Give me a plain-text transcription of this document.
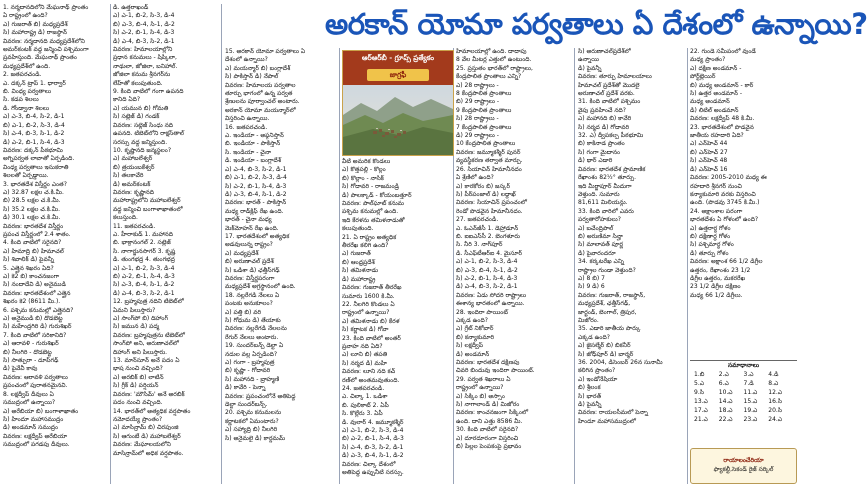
అరకాన్ యోమా పర్వతాలు ఏ దేశంలో ఉన్నాయి?
1. నర్మదానదిలోని మేఘనాథ్ ప్రాంతం
ఏ రాష్ట్రంలో ఉంది?
ఎ) గుజరాత్ బి) మధ్యప్రదేశ్
సి) మహారాష్ట్ర డి) రాజస్థాన్
వివరణ: నర్మదానది మధ్యప్రదేశ్‌లోని
అమర్‌కంటక్ వద్ద జన్మించి పశ్చిమంగా
ప్రవహిస్తుంది. మేఘనాథ్ ప్రాంతం
మధ్యప్రదేశ్‌లో ఉంది.
2. జతపరచండి.
ఎ. దక్కన్ ట్రాప్ 1. ధార్వార్
బి. వింధ్య పర్వతాలు
సి. కడప శిలలు
డి. గోండ్వానా శిలలు
ఎ) ఎ-3, బి-4, సి-2, డి-1
బి) ఎ-1, బి-2, సి-3, డి-4
సి) ఎ-4, బి-3, సి-1, డి-2
డి) ఎ-2, బి-1, సి-4, డి-3
వివరణ: దక్కన్ పీఠభూమి
అగ్నిపర్వత లావాతో ఏర్పడింది.
వింధ్య పర్వతాలు ఇసుకరాతి
శిలలతో ఏర్పడ్డాయి.
3. భారతదేశ విస్తీర్ణం ఎంత?
ఎ) 32.87 లక్షల చ.కి.మీ.
బి) 28.5 లక్షల చ.కి.మీ.
సి) 35.2 లక్షల చ.కి.మీ.
డి) 30.1 లక్షల చ.కి.మీ.
వివరణ: భారతదేశ విస్తీర్ణం
ప్రపంచ విస్తీర్ణంలో 2.4 శాతం.
4. కింది వాటిలో సరైనది?
ఎ) హిమాద్రి బి) హిమాచల్
సి) శివాలిక్ డి) పైవన్నీ
5. ఎత్తైన శిఖరం ఏది?
ఎ) కె2 బి) కాంచనజంగా
సి) నందాదేవి డి) అనైముడి
వివరణ: భారతదేశంలో ఎత్తైన
శిఖరం కె2 (8611 మీ.).
6. పశ్చిమ కనుమల్లో ఎత్తైనది?
ఎ) అనైముడి బి) దొడబెట్ట
సి) మహేంద్రగిరి డి) గురుశిఖర్
7. కింది వాటిలో సరికానిది?
ఎ) ఆరావళి - గురుశిఖర్
బి) నీలగిరి - దొడబెట్ట
సి) సాత్పురా - దూప్‌గఢ్
డి) పైవేవీ కావు
వివరణ: ఆరావళి పర్వతాలు
ప్రపంచంలో పురాతనమైనవి.
8. లక్షద్వీప్ దీవులు ఏ
సముద్రంలో ఉన్నాయి?
ఎ) అరేబియా బి) బంగాళాఖాతం
సి) హిందూ మహాసముద్రం
డి) అండమాన్ సముద్రం
వివరణ: లక్షద్వీప్ అరేబియా
సముద్రంలో పగడపు దీవులు.
డి. ఉత్తరాఖండ్
ఎ) ఎ-1, బి-2, సి-3, డి-4
బి) ఎ-3, బి-4, సి-1, డి-2
సి) ఎ-2, బి-1, సి-4, డి-3
డి) ఎ-4, బి-3, సి-2, డి-1
వివరణ: హిమాలయాల్లోని
ప్రధాన కనుమలు - షిప్కిలా,
నాథులా, జోజిలా, బనిహాల్.
జోజిలా కనుమ శ్రీనగర్‌ను
లేహ్‌తో కలుపుతుంది.
9. కింది వాటిలో గంగా ఉపనది
కానిది ఏది?
ఎ) యమున బి) గోమతి
సి) సట్లెజ్ డి) గండక్
వివరణ: సట్లెజ్ సింధు నది
ఉపనది. టిబెట్‌లోని రాక్షస్‌తాల్
సరస్సు వద్ద జన్మిస్తుంది.
10. కృష్ణానది జన్మస్థలం?
ఎ) మహాబలేశ్వర్
బి) త్రయంబకేశ్వర్
సి) తలకావేరి
డి) అమర్‌కంటక్
వివరణ: కృష్ణానది
మహారాష్ట్రలోని మహాబలేశ్వర్
వద్ద జన్మించి బంగాళాఖాతంలో
కలుస్తుంది.
11. జతపరచండి.
ఎ. హీరాకుడ్ 1. మహానది
బి. భాక్రానంగల్ 2. సట్లెజ్
సి. నాగార్జునసాగర్ 3. కృష్ణ
డి. తుంగభద్ర 4. తుంగభద్ర
ఎ) ఎ-1, బి-2, సి-3, డి-4
బి) ఎ-2, బి-1, సి-4, డి-3
సి) ఎ-3, బి-4, సి-1, డి-2
డి) ఎ-4, బి-3, సి-2, డి-1
12. బ్రహ్మపుత్ర నదిని టిబెట్‌లో
ఏమని పిలుస్తారు?
ఎ) సాంగ్‌పో బి) దిహాంగ్
సి) జమున డి) పద్మ
వివరణ: బ్రహ్మపుత్రను టిబెట్‌లో
సాంగ్‌పో అని, అరుణాచల్‌లో
దిహాంగ్ అని పిలుస్తారు.
13. మాన్‌సూన్ అనే పదం ఏ
భాష నుంచి వచ్చింది?
ఎ) అరబిక్ బి) లాటిన్
సి) గ్రీక్ డి) పర్షియన్
వివరణ: 'మౌసిమ్' అనే అరబిక్
పదం నుంచి వచ్చింది.
14. భారత్‌లో అత్యధిక వర్షపాతం
నమోదయ్యే ప్రాంతం?
ఎ) మాసిన్రామ్ బి) చిరపుంజి
సి) ఆగుంబే డి) మహాబలేశ్వర్
వివరణ: మేఘాలయలోని
మాసిన్రామ్‌లో అధిక వర్షపాతం.
15. అరకాన్ యోమా పర్వతాలు ఏ
దేశంలో ఉన్నాయి?
ఎ) మయన్మార్ బి) బంగ్లాదేశ్
సి) పాకిస్తాన్ డి) నేపాల్
వివరణ: హిమాలయ పర్వతాల
తూర్పు భాగంలో ఉన్న పర్వత
శ్రేణులను పూర్వాంచల్ అంటారు.
అరకాన్ యోమా మయన్మార్‌లో
విస్తరించి ఉన్నాయి.
16. జతపరచండి.
ఎ. ఇండియా - అఫ్గనిస్తాన్
బి. ఇండియా - పాకిస్తాన్
సి. ఇండియా - చైనా
డి. ఇండియా - బంగ్లాదేశ్
ఎ) ఎ-4, బి-3, సి-2, డి-1
బి) ఎ-1, బి-2, సి-3, డి-4
సి) ఎ-2, బి-1, సి-4, డి-3
డి) ఎ-3, బి-4, సి-1, డి-2
వివరణ: భారత్ - పాకిస్తాన్
మధ్య రాడ్‌క్లిఫ్ రేఖ ఉంది.
భారత్ - చైనా మధ్య
మెక్‌మోహన్ రేఖ ఉంది.
17. భారతదేశంలో అత్యధిక
అడవులున్న రాష్ట్రం?
ఎ) మధ్యప్రదేశ్
బి) అరుణాచల్ ప్రదేశ్
సి) ఒడిశా డి) ఛత్తీస్‌గఢ్
వివరణ: విస్తీర్ణపరంగా
మధ్యప్రదేశ్ అగ్రస్థానంలో ఉంది.
18. నల్లరేగడి నేలలు ఏ
పంటకు అనుకూలం?
ఎ) పత్తి బి) వరి
సి) గోధుమ డి) తేయాకు
వివరణ: నల్లరేగడి నేలలను
రేగుర్ నేలలు అంటారు.
19. సుందర్‌బన్స్ డెల్టా ఏ
నదుల వల్ల ఏర్పడింది?
ఎ) గంగా - బ్రహ్మపుత్ర
బి) కృష్ణా - గోదావరి
సి) మహానది - బ్రాహ్మణి
డి) కావేరి - పెన్నా
వివరణ: ప్రపంచంలోనే అతిపెద్ద
డెల్టా సుందర్‌బన్స్.
20. పశ్చిమ కనుమలను
కర్ణాటకలో ఏమంటారు?
ఎ) సహ్యాద్రి బి) నీలగిరి
సి) అనైమలై డి) కార్డమమ్
వీటి అమరిక కొండలు
ఎ) కొత్తపల్లి - కొల్లం
బి) కొల్లాం - నాసిక్
సి) గోదావరి - రాజమండ్రి
డి) పాలక్కాడ్ - కోయంబత్తూర్
వివరణ: పాల్‌ఘాట్ కనుమ
పశ్చిమ కనుమల్లో ఉంది.
ఇది కేరళను తమిళనాడుతో
కలుపుతుంది.
21. ఏ రాష్ట్రం అత్యధిక
తీరరేఖ కలిగి ఉంది?
ఎ) గుజరాత్
బి) ఆంధ్రప్రదేశ్
సి) తమిళనాడు
డి) మహారాష్ట్ర
వివరణ: గుజరాత్ తీరరేఖ
సుమారు 1600 కి.మీ.
22. నీలగిరి కొండలు ఏ
రాష్ట్రంలో ఉన్నాయి?
ఎ) తమిళనాడు బి) కేరళ
సి) కర్ణాటక డి) గోవా
23. కింది వాటిలో అంతర్
ప్రవాహ నది ఏది?
ఎ) లూని బి) తపతి
సి) నర్మద డి) మహి
వివరణ: లూని నది కచ్
రణ్‌లో అంతమవుతుంది.
24. జతపరచండి.
ఎ. చిల్కా 1. ఒడిశా
బి. పులికాట్ 2. ఏపీ
సి. కొల్లేరు 3. ఏపీ
డి. వులార్ 4. జమ్మూకశ్మీర్
ఎ) ఎ-1, బి-2, సి-3, డి-4
బి) ఎ-2, బి-1, సి-4, డి-3
సి) ఎ-4, బి-3, సి-2, డి-1
డి) ఎ-3, బి-4, సి-1, డి-2
వివరణ: చిల్కా దేశంలో
అతిపెద్ద ఉప్పునీటి సరస్సు.
హిమాలయాల్లో ఉంది. దాదాపు
8 వేల మీటర్ల ఎత్తులో ఉంటుంది.
25. ప్రస్తుతం భారత్‌లో రాష్ట్రాలు,
కేంద్రపాలిత ప్రాంతాలు ఎన్ని?
ఎ) 28 రాష్ట్రాలు -
8 కేంద్రపాలిత ప్రాంతాలు
బి) 29 రాష్ట్రాలు -
9 కేంద్రపాలిత ప్రాంతాలు
సి) 28 రాష్ట్రాలు -
7 కేంద్రపాలిత ప్రాంతాలు
డి) 29 రాష్ట్రాలు -
10 కేంద్రపాలిత ప్రాంతాలు
వివరణ: జమ్మూకశ్మీర్ పునర్
వ్యవస్థీకరణ తర్వాత మార్పు.
26. సియాచిన్ హిమానీనదం
ఏ శ్రేణిలో ఉంది?
ఎ) కారకోరం బి) జస్కర్
సి) పీర్‌పంజాల్ డి) లద్దాఖ్
వివరణ: సియాచిన్ ప్రపంచంలో
రెండో పొడవైన హిమానీనదం.
27. జతపరచండి.
ఎ. ఓఎన్‌జీసీ 1. డెహ్రాడూన్
బి. ఐఐఎస్‌సీ 2. బెంగళూరు
సి. నీరి 3. నాగ్‌పూర్
డి. సీఎఫ్‌టీఆర్‌ఐ 4. మైసూర్
ఎ) ఎ-1, బి-2, సి-3, డి-4
బి) ఎ-3, బి-4, సి-1, డి-2
సి) ఎ-2, బి-1, సి-4, డి-3
డి) ఎ-4, బి-3, సి-2, డి-1
వివరణ: ఏడు సోదరి రాష్ట్రాలు
ఈశాన్య భారతంలో ఉన్నాయి.
28. ఇందిరా పాయింట్
ఎక్కడ ఉంది?
ఎ) గ్రేట్ నికోబార్
బి) కన్యాకుమారి
సి) లక్షద్వీప్
డి) అండమాన్
వివరణ: భారతదేశ దక్షిణపు
చివరి బిందువు ఇందిరా పాయింట్.
29. పర్వత శిఖరాలు ఏ
రాష్ట్రంలో ఉన్నాయి?
ఎ) సిక్కిం బి) అస్సాం
సి) నాగాలాండ్ డి) మిజోరం
వివరణ: కాంచనజంగా సిక్కింలో
ఉంది. దాని ఎత్తు 8586 మీ.
30. కింది వాటిలో సరైనది?
ఎ) దూరదూరంగా విస్తరించి
బి) పిల్లల పెంపకంపై ప్రభావం
సి) అరుణాచల్‌ప్రదేశ్‌లో
ఉన్నాయి
డి) పైవన్నీ
వివరణ: తూర్పు హిమాలయాలు
హిమాచల్ ప్రదేశ్‌తో మొదలై
అరుణాచల్ ప్రదేశ్ వరకు.
31. కింది వాటిలో పశ్చిమం
వైపు ప్రవహించే నది?
ఎ) మహానది బి) కావేరి
సి) నర్మద డి) గోదావరి
32. ఎ) ద్వీపకల్ప పీఠభూమి
బి) కాకినాడ ప్రాంతం
సి) గంగా మైదానం
డి) థార్ ఎడారి
వివరణ: భారతదేశ ప్రామాణిక
రేఖాంశం 82½° తూర్పు.
ఇది మీర్జాపూర్ మీదుగా
వెళ్తుంది. సుమారు
81,611 మిలియన్లు.
33. కింది వారిలో ఎవరు
పర్వతారోహకులు?
ఎ) బచేంద్రిపాల్
బి) అరుణిమా సిన్హా
సి) మాలావత్ పూర్ణ
డి) పైవారందరూ
34. కర్కటరేఖ ఎన్ని
రాష్ట్రాల గుండా వెళ్తుంది?
ఎ) 8 బి) 7
సి) 9 డి) 6
వివరణ: గుజరాత్, రాజస్థాన్,
మధ్యప్రదేశ్, ఛత్తీస్‌గఢ్,
జార్ఖండ్, బెంగాల్, త్రిపుర,
మిజోరం.
35. ఎడారి జాతీయ పార్కు
ఎక్కడ ఉంది?
ఎ) జైసల్మేర్ బి) బికనీర్
సి) జోధ్‌పూర్ డి) బార్మర్
36. 2004, డిసెంబర్ 26న సునామీ
కలిగిన ప్రాంతం?
ఎ) ఇండోనేషియా
బి) శ్రీలంక
సి) భారత్
డి) పైవన్నీ
వివరణ: రాయలసీమలో పెన్నా
హిందూ మహాసముద్రంలో
22. గుండె సమీపంలో వుండే
మధ్య ప్రాంతం?
ఎ) దక్షిణ అండమాన్ -
పోర్ట్‌బ్లెయిర్
బి) మధ్య అండమాన్ - కార్
సి) ఉత్తర అండమాన్ -
మధ్య అండమాన్
డి) లిటిల్ అండమాన్
వివరణ: లక్షద్వీప్ 48 కి.మీ.
23. భారతదేశంలో పొడవైన
జాతీయ రహదారి ఏది?
ఎ) ఎన్‌హెచ్ 44
బి) ఎన్‌హెచ్ 27
సి) ఎన్‌హెచ్ 48
డి) ఎన్‌హెచ్ 16
వివరణ: 2005-2010 మధ్య ఈ
రహదారి శ్రీనగర్ నుంచి
కన్యాకుమారి వరకు విస్తరించి
ఉంది. (పొడవు 3745 కి.మీ.)
24. అక్షాంశాల పరంగా
భారతదేశం ఏ గోళంలో ఉంది?
ఎ) ఉత్తరార్ధ గోళం
బి) దక్షిణార్ధ గోళం
సి) పశ్చిమార్ధ గోళం
డి) తూర్పు గోళం
వివరణ: అక్షాంశ 66 1/2 డిగ్రీల
ఉత్తరం, రేఖాంశం 23 1/2
డిగ్రీల ఉత్తరం, మకరరేఖ
23 1/2 డిగ్రీల దక్షిణం
మధ్య 66 1/2 డిగ్రీలు.
ఆర్‌ఆర్‌బీ - గ్రూప్స్ ప్రత్యేకం
జాగ్రఫీ
సమాధానాలు
1.బి	2.ఎ	3.ఎ	4.డి
5.ఎ	6.ఎ	7.డి	8.ఎ
9.సి	10.ఎ	11.ఎ	12.ఎ
13.ఎ	14.ఎ	15.ఎ	16.సి
17.ఎ	18.ఎ	19.ఎ	20.సి
21.ఎ	22.ఎ	23.ఎ	24.ఎ
రాయాలంచేరియా
ఫ్యాకల్టీ,సెకండ్ రైజ్ సర్కిల్
